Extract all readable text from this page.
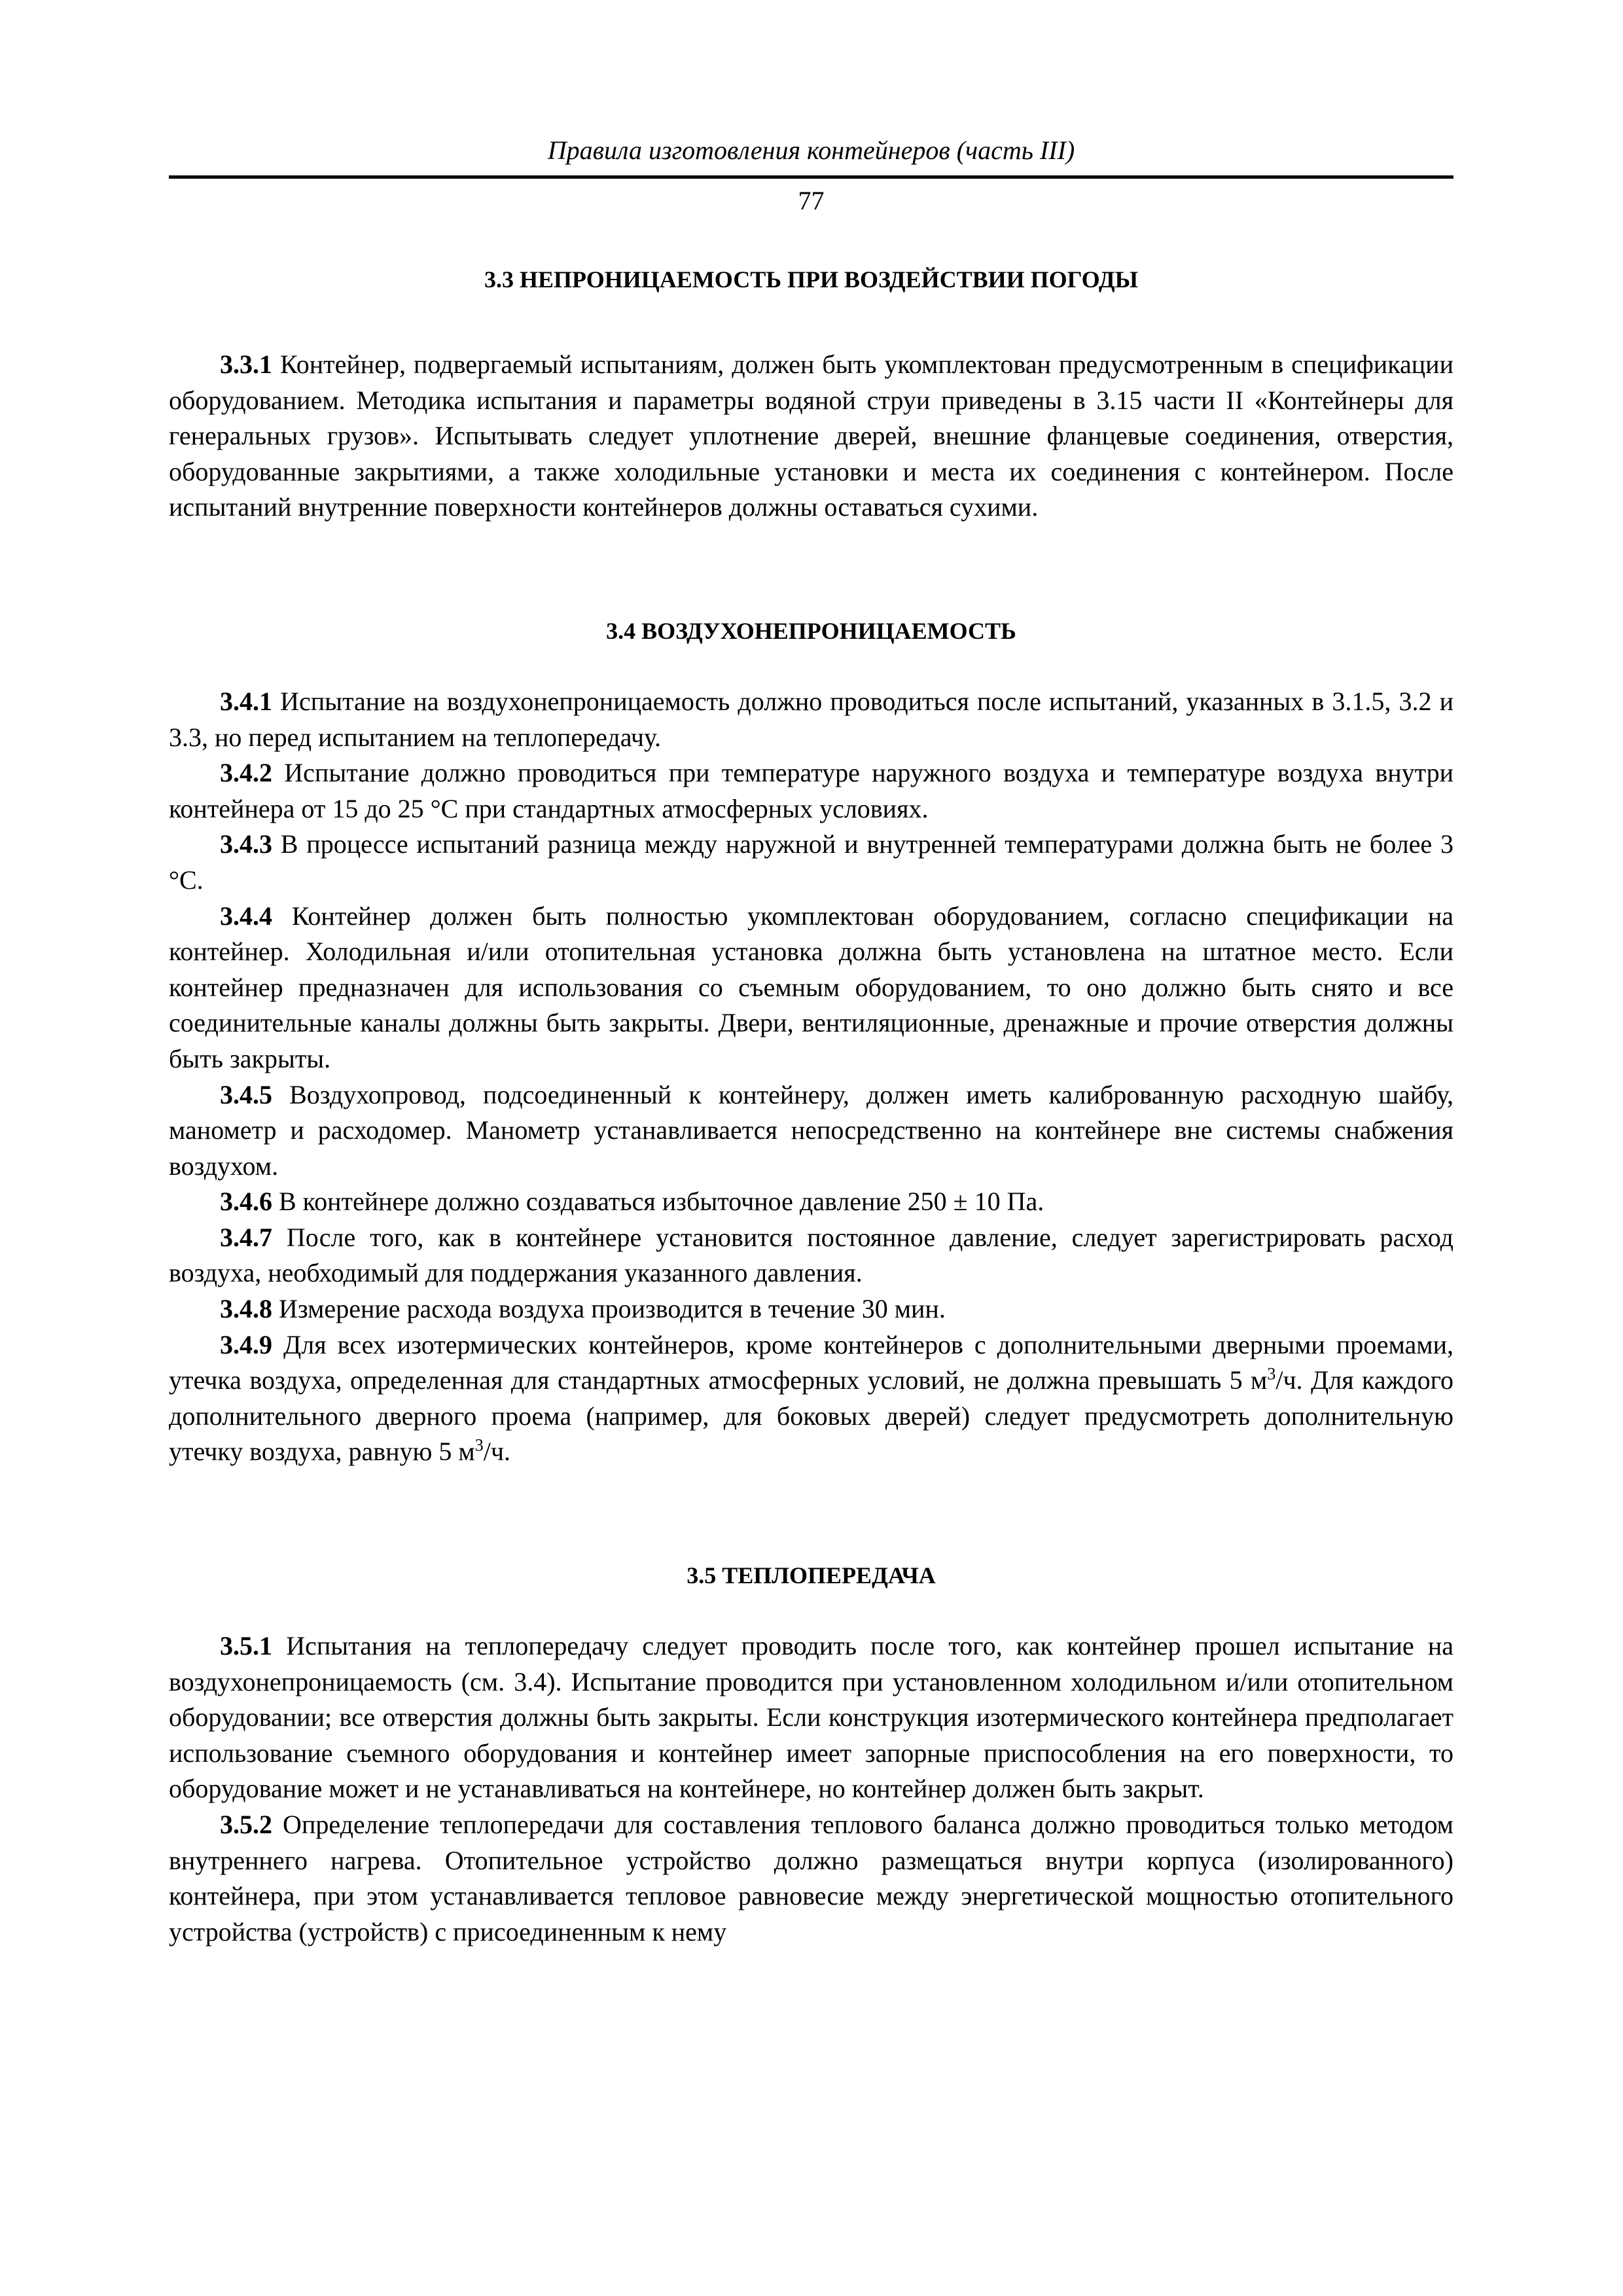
Правила изготовления контейнеров (часть III)
77
3.3 НЕПРОНИЦАЕМОСТЬ ПРИ ВОЗДЕЙСТВИИ ПОГОДЫ

3.3.1 Контейнер, подвергаемый испытаниям, должен быть укомплектован предусмотренным в спецификации оборудованием. Методика испытания и параметры водяной струи приведены в 3.15 части II «Контейнеры для генеральных грузов». Испытывать следует уплотнение дверей, внешние фланцевые соединения, отверстия, оборудованные закрытиями, а также холодильные установки и места их соединения с контейнером. После испытаний внутренние поверхности контейнеров должны оставаться сухими.

3.4 ВОЗДУХОНЕПРОНИЦАЕМОСТЬ

3.4.1 Испытание на воздухонепроницаемость должно проводиться после испытаний, указанных в 3.1.5, 3.2 и 3.3, но перед испытанием на теплопередачу.

3.4.2 Испытание должно проводиться при температуре наружного воздуха и температуре воздуха внутри контейнера от 15 до 25 °С при стандартных атмосферных условиях.

3.4.3 В процессе испытаний разница между наружной и внутренней температурами должна быть не более 3 °С.

3.4.4 Контейнер должен быть полностью укомплектован оборудованием, согласно спецификации на контейнер. Холодильная и/или отопительная установка должна быть установлена на штатное место. Если контейнер предназначен для использования со съемным оборудованием, то оно должно быть снято и все соединительные каналы должны быть закрыты. Двери, вентиляционные, дренажные и прочие отверстия должны быть закрыты.

3.4.5 Воздухопровод, подсоединенный к контейнеру, должен иметь калиброванную расходную шайбу, манометр и расходомер. Манометр устанавливается непосредственно на контейнере вне системы снабжения воздухом.

3.4.6 В контейнере должно создаваться избыточное давление 250 ± 10 Па.

3.4.7 После того, как в контейнере установится постоянное давление, следует зарегистрировать расход воздуха, необходимый для поддержания указанного давления.

3.4.8 Измерение расхода воздуха производится в течение 30 мин.

3.4.9 Для всех изотермических контейнеров, кроме контейнеров с дополнительными дверными проемами, утечка воздуха, определенная для стандартных атмосферных условий, не должна превышать 5 $м^3/ч$. Для каждого дополнительного дверного проема (например, для боковых дверей) следует предусмотреть дополнительную утечку воздуха, равную 5 $м^3/ч$.

3.5 ТЕПЛОПЕРЕДАЧА

3.5.1 Испытания на теплопередачу следует проводить после того, как контейнер прошел испытание на воздухонепроницаемость (см. 3.4). Испытание проводится при установленном холодильном и/или отопительном оборудовании; все отверстия должны быть закрыты. Если конструкция изотермического контейнера предполагает использование съемного оборудования и контейнер имеет запорные приспособления на его поверхности, то оборудование может и не устанавливаться на контейнере, но контейнер должен быть закрыт.

3.5.2 Определение теплопередачи для составления теплового баланса должно проводиться только методом внутреннего нагрева. Отопительное устройство должно размещаться внутри корпуса (изолированного) контейнера, при этом устанавливается тепловое равновесие между энергетической мощностью отопительного устройства (устройств) с присоединенным к нему
